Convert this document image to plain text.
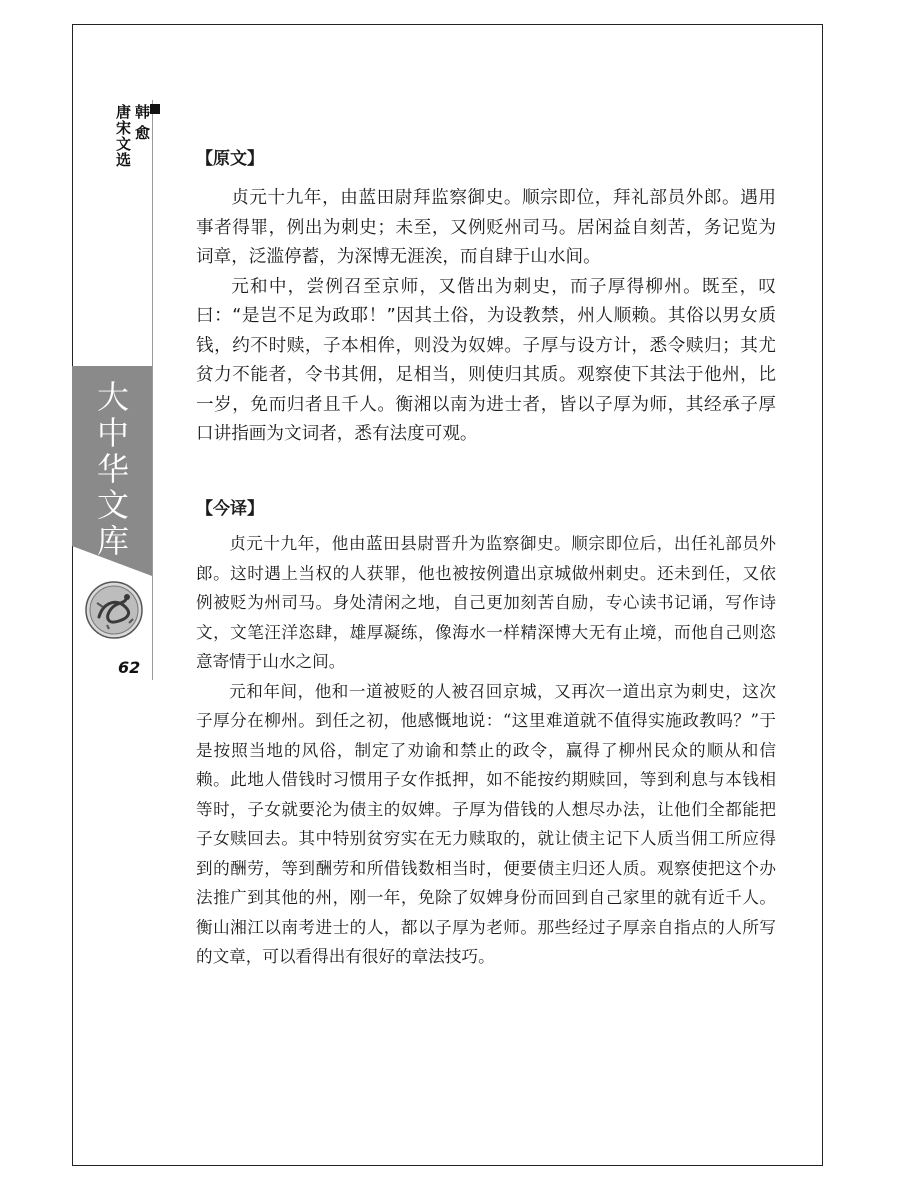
韩愈
唐宋文选
大中华文库
62

【原文】

贞元十九年，由蓝田尉拜监察御史。顺宗即位，拜礼部员外郎。遇用事者得罪，例出为刺史；未至，又例贬州司马。居闲益自刻苦，务记览为词章，泛滥停蓄，为深博无涯涘，而自肆于山水间。

元和中，尝例召至京师，又偕出为刺史，而子厚得柳州。既至，叹曰：“是岂不足为政耶！”因其土俗，为设教禁，州人顺赖。其俗以男女质钱，约不时赎，子本相侔，则没为奴婢。子厚与设方计，悉令赎归；其尤贫力不能者，令书其佣，足相当，则使归其质。观察使下其法于他州，比一岁，免而归者且千人。衡湘以南为进士者，皆以子厚为师，其经承子厚口讲指画为文词者，悉有法度可观。

【今译】

贞元十九年，他由蓝田县尉晋升为监察御史。顺宗即位后，出任礼部员外郎。这时遇上当权的人获罪，他也被按例遣出京城做州刺史。还未到任，又依例被贬为州司马。身处清闲之地，自己更加刻苦自励，专心读书记诵，写作诗文，文笔汪洋恣肆，雄厚凝练，像海水一样精深博大无有止境，而他自己则恣意寄情于山水之间。

元和年间，他和一道被贬的人被召回京城，又再次一道出京为刺史，这次子厚分在柳州。到任之初，他感慨地说：“这里难道就不值得实施政教吗？”于是按照当地的风俗，制定了劝谕和禁止的政令，赢得了柳州民众的顺从和信赖。此地人借钱时习惯用子女作抵押，如不能按约期赎回，等到利息与本钱相等时，子女就要沦为债主的奴婢。子厚为借钱的人想尽办法，让他们全都能把子女赎回去。其中特别贫穷实在无力赎取的，就让债主记下人质当佣工所应得到的酬劳，等到酬劳和所借钱数相当时，便要债主归还人质。观察使把这个办法推广到其他的州，刚一年，免除了奴婢身份而回到自己家里的就有近千人。衡山湘江以南考进士的人，都以子厚为老师。那些经过子厚亲自指点的人所写的文章，可以看得出有很好的章法技巧。
